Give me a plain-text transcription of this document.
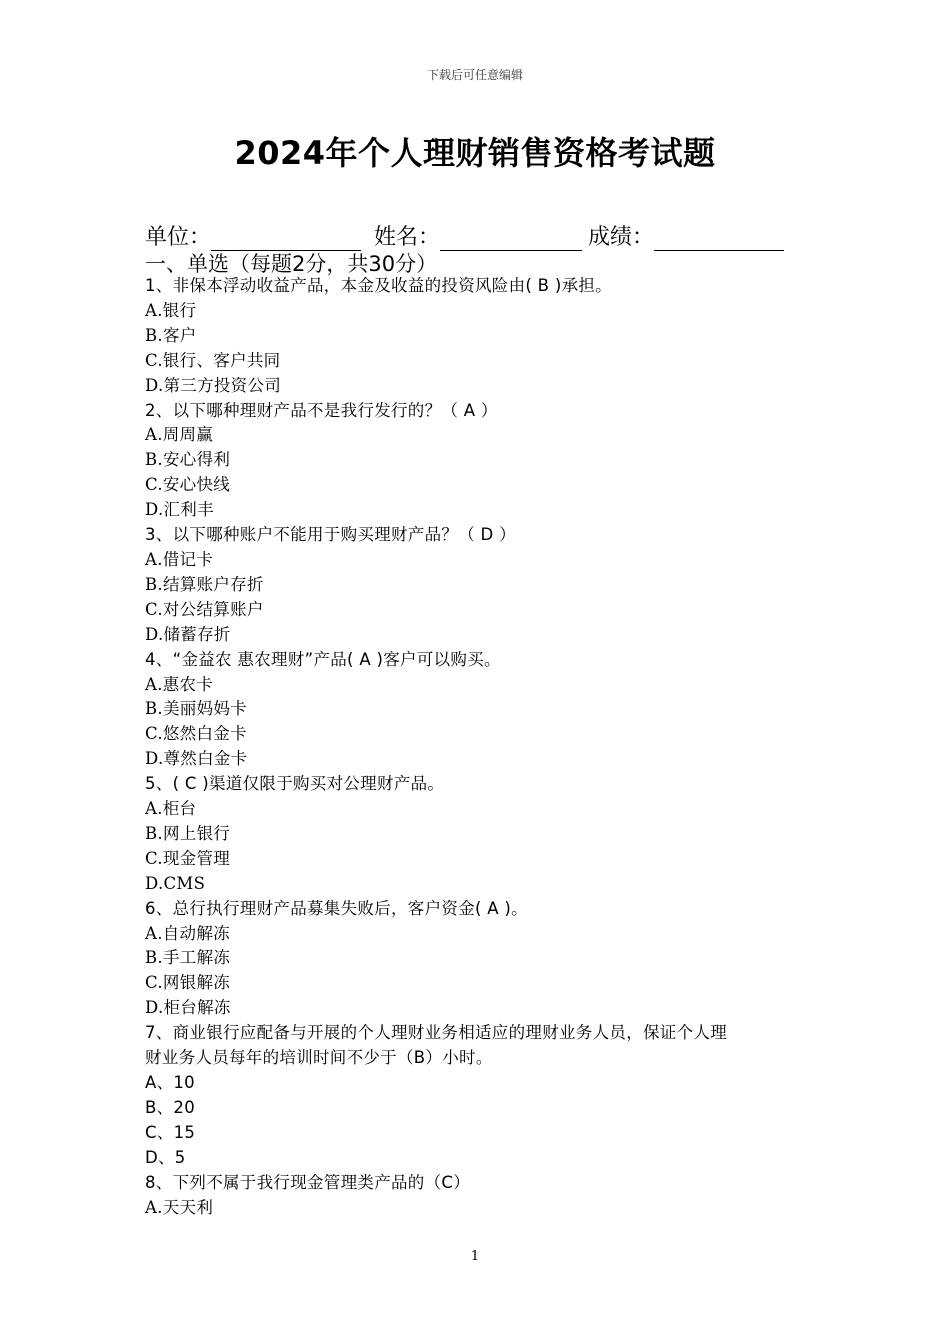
下载后可任意编辑
2024年个人理财销售资格考试题
单位：	姓名：	成绩：
一、单选（每题2分，共30分）
1、非保本浮动收益产品，本金及收益的投资风险由( B )承担。
A.银行
B.客户
C.银行、客户共同
D.第三方投资公司
2、以下哪种理财产品不是我行发行的？（ A ）
A.周周赢
B.安心得利
C.安心快线
D.汇利丰
3、以下哪种账户不能用于购买理财产品？（ D ）
A.借记卡
B.结算账户存折
C.对公结算账户
D.储蓄存折
4、“金益农 惠农理财”产品( A )客户可以购买。
A.惠农卡
B.美丽妈妈卡
C.悠然白金卡
D.尊然白金卡
5、( C )渠道仅限于购买对公理财产品。
A.柜台
B.网上银行
C.现金管理
D.CMS
6、总行执行理财产品募集失败后，客户资金( A )。
A.自动解冻
B.手工解冻
C.网银解冻
D.柜台解冻
7、商业银行应配备与开展的个人理财业务相适应的理财业务人员，保证个人理
财业务人员每年的培训时间不少于（B）小时。
A、10
B、20
C、15
D、5
8、下列不属于我行现金管理类产品的（C）
A.天天利
1
